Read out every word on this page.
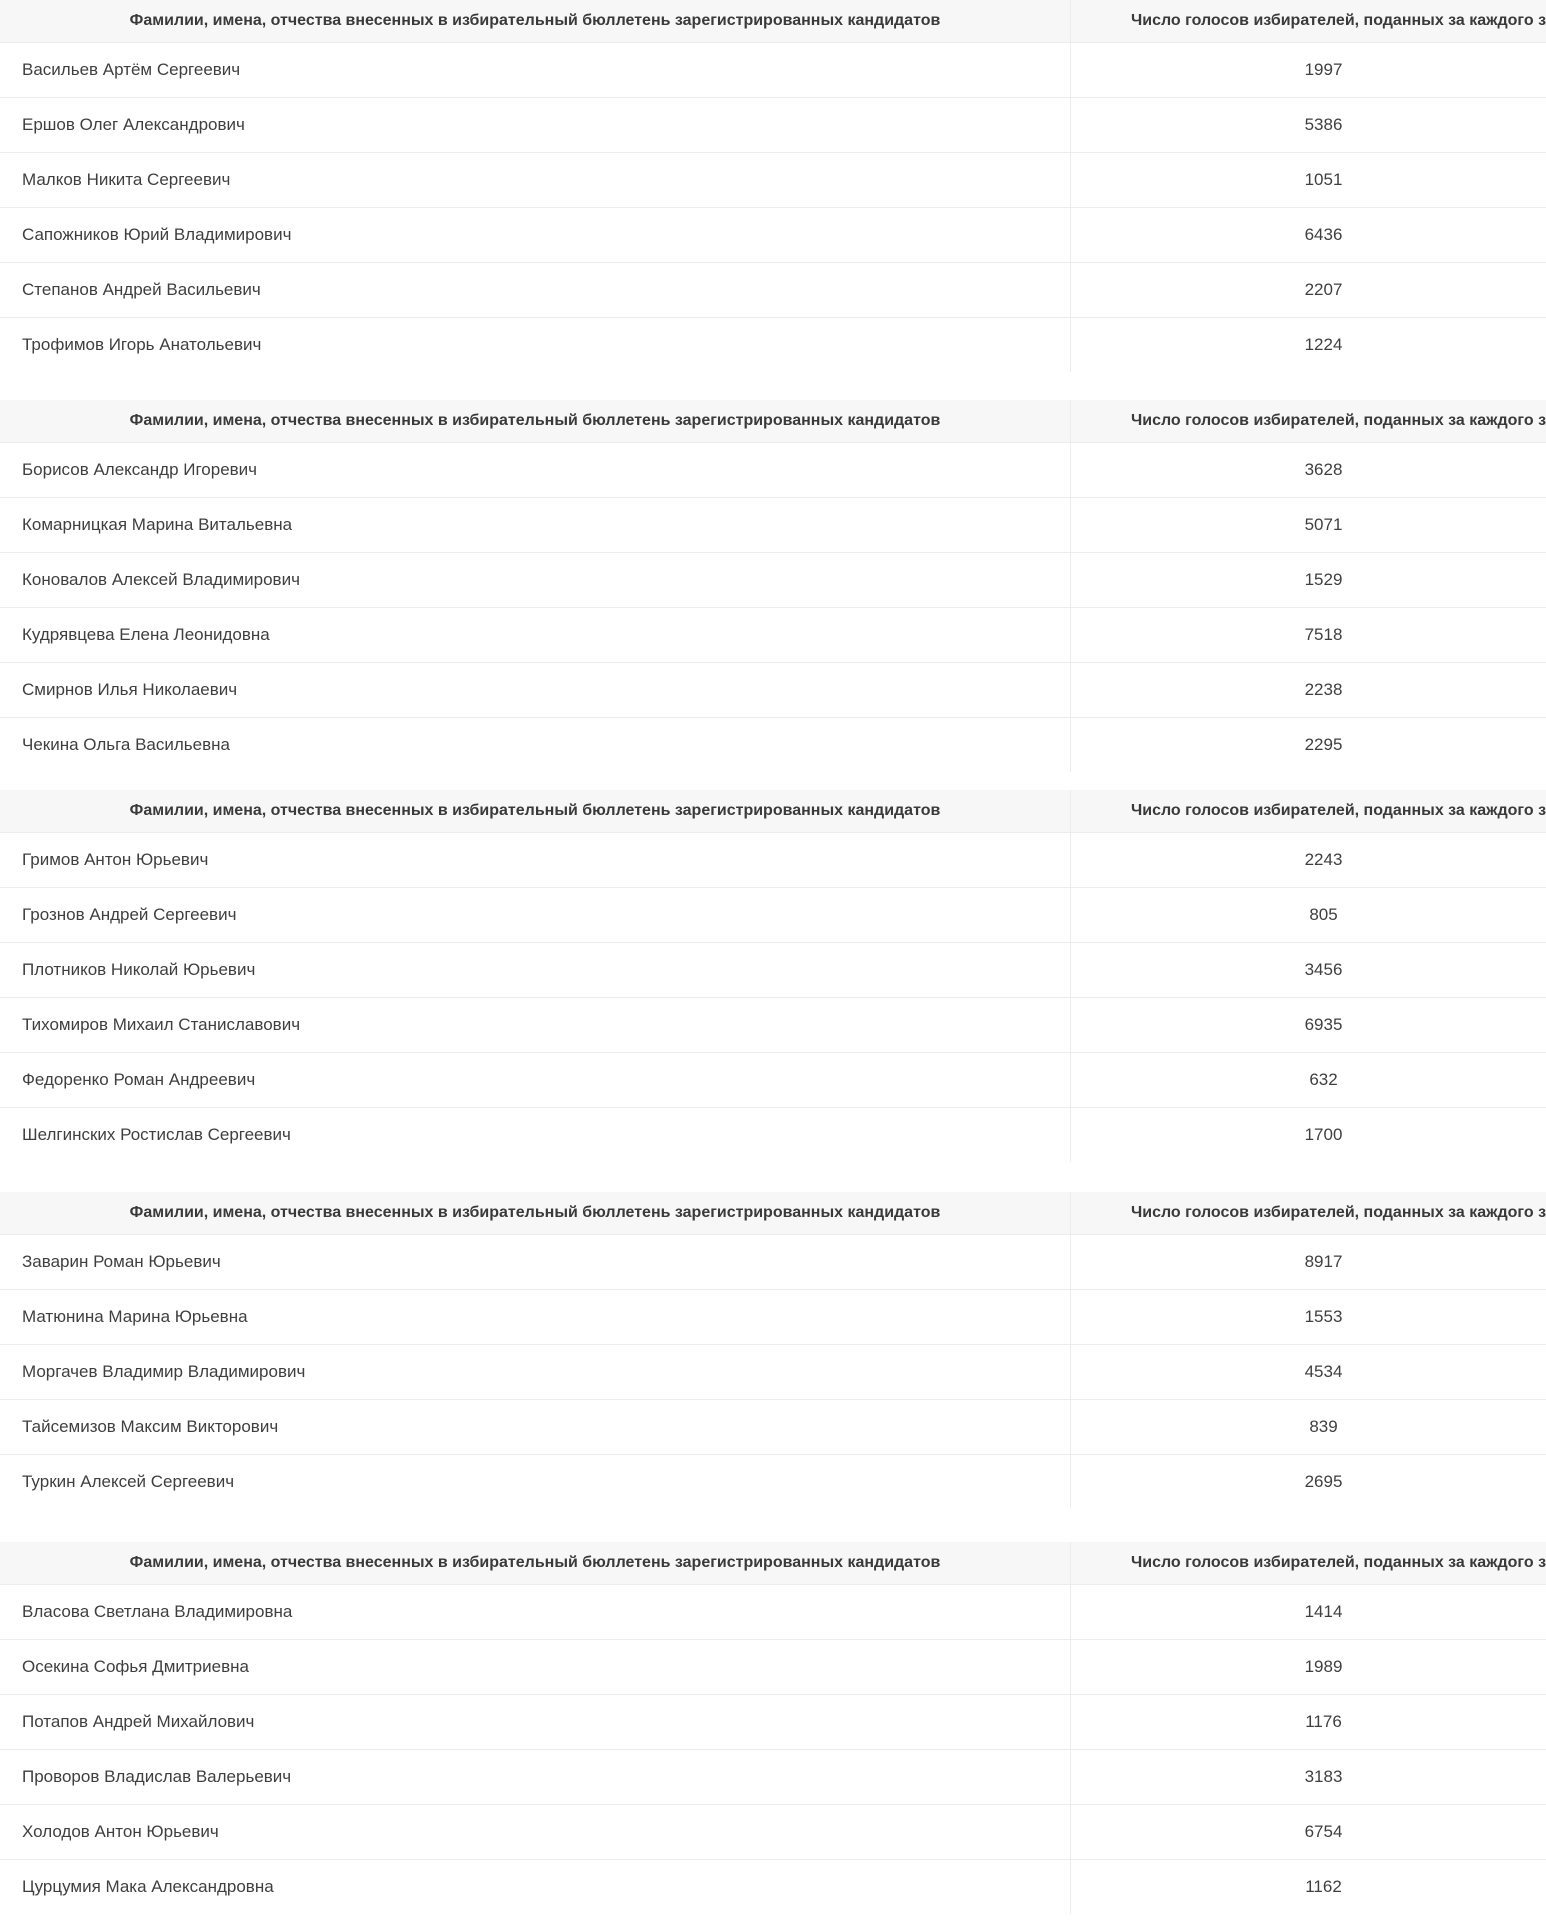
Фамилии, имена, отчества внесенных в избирательный бюллетень зарегистрированных кандидатов	Число голосов избирателей, поданных за каждого з
Васильев Артём Сергеевич	1997
Ершов Олег Александрович	5386
Малков Никита Сергеевич	1051
Сапожников Юрий Владимирович	6436
Степанов Андрей Васильевич	2207
Трофимов Игорь Анатольевич	1224
Фамилии, имена, отчества внесенных в избирательный бюллетень зарегистрированных кандидатов	Число голосов избирателей, поданных за каждого з
Борисов Александр Игоревич	3628
Комарницкая Марина Витальевна	5071
Коновалов Алексей Владимирович	1529
Кудрявцева Елена Леонидовна	7518
Смирнов Илья Николаевич	2238
Чекина Ольга Васильевна	2295
Фамилии, имена, отчества внесенных в избирательный бюллетень зарегистрированных кандидатов	Число голосов избирателей, поданных за каждого з
Гримов Антон Юрьевич	2243
Грознов Андрей Сергеевич	805
Плотников Николай Юрьевич	3456
Тихомиров Михаил Станиславович	6935
Федоренко Роман Андреевич	632
Шелгинских Ростислав Сергеевич	1700
Фамилии, имена, отчества внесенных в избирательный бюллетень зарегистрированных кандидатов	Число голосов избирателей, поданных за каждого з
Заварин Роман Юрьевич	8917
Матюнина Марина Юрьевна	1553
Моргачев Владимир Владимирович	4534
Тайсемизов Максим Викторович	839
Туркин Алексей Сергеевич	2695
Фамилии, имена, отчества внесенных в избирательный бюллетень зарегистрированных кандидатов	Число голосов избирателей, поданных за каждого з
Власова Светлана Владимировна	1414
Осекина Софья Дмитриевна	1989
Потапов Андрей Михайлович	1176
Проворов Владислав Валерьевич	3183
Холодов Антон Юрьевич	6754
Цурцумия Мака Александровна	1162
